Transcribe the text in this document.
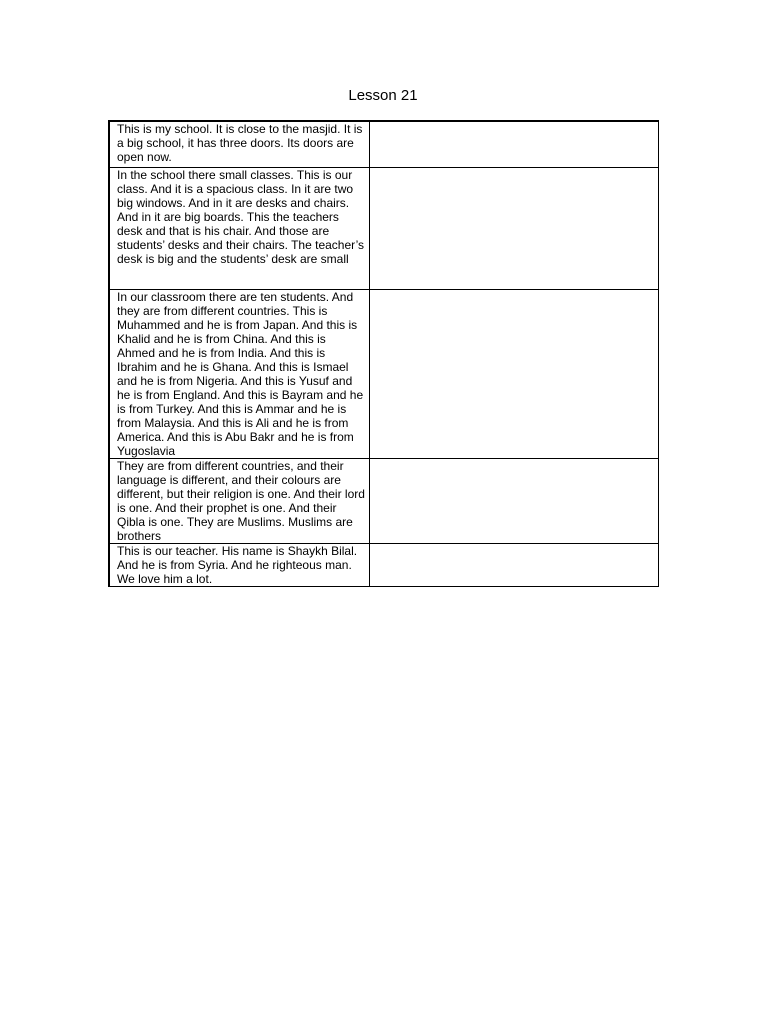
Lesson 21
This is my school. It is close to the masjid. It is a big school, it has three doors. Its doors are open now.	

In the school there small classes. This is our class. And it is a spacious class. In it are two big windows. And in it are desks and chairs. And in it are big boards. This the teachers desk and that is his chair. And those are students’ desks and their chairs. The teacher’s desk is big and the students’ desk are small	

In our classroom there are ten students. And they are from different countries. This is Muhammed and he is from Japan. And this is Khalid and he is from China. And this is Ahmed and he is from India. And this is Ibrahim and he is Ghana. And this is Ismael and he is from Nigeria. And this is Yusuf and he is from England. And this is Bayram and he is from Turkey. And this is Ammar and he is from Malaysia. And this is Ali and he is from America. And this is Abu Bakr and he is from Yugoslavia	

They are from different countries, and their language is different, and their colours are different, but their religion is one. And their lord is one. And their prophet is one. And their Qibla is one. They are Muslims. Muslims are brothers	

This is our teacher. His name is Shaykh Bilal. And he is from Syria. And he righteous man. We love him a lot.	
